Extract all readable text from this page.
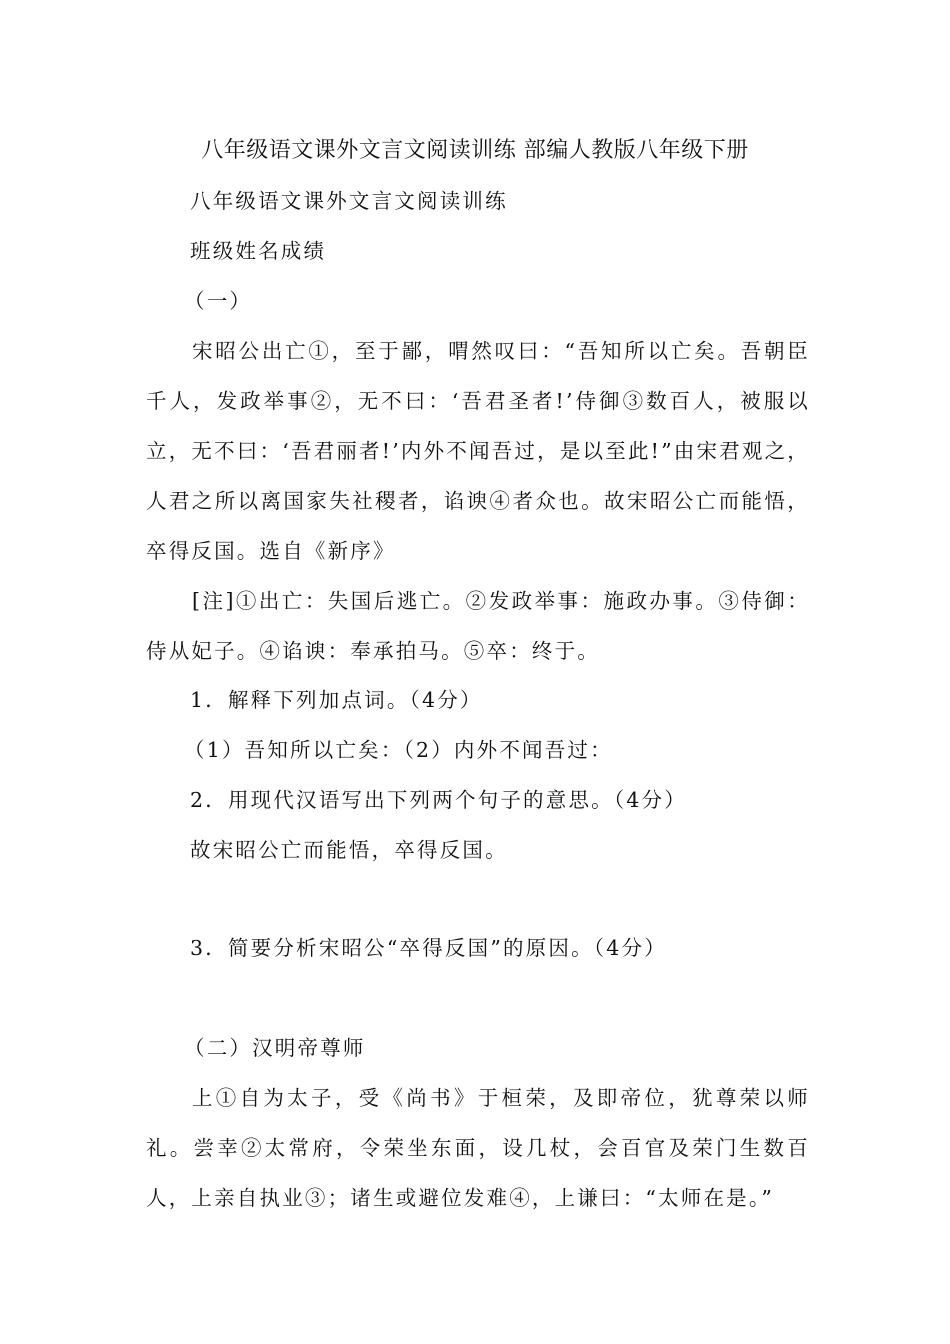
八年级语文课外文言文阅读训练 部编人教版八年级下册
八年级语文课外文言文阅读训练
班级姓名成绩
（一）
宋昭公出亡①，至于鄙，喟然叹曰：“吾知所以亡矣。吾朝臣千人，发政举事②，无不曰：‘吾君圣者!’侍御③数百人，被服以立，无不曰：‘吾君丽者!’内外不闻吾过，是以至此!”由宋君观之，人君之所以离国家失社稷者，谄谀④者众也。故宋昭公亡而能悟，卒得反国。选自《新序》
[注]①出亡：失国后逃亡。②发政举事：施政办事。③侍御：侍从妃子。④谄谀：奉承拍马。⑤卒：终于。
1．解释下列加点词。（4分）
（1）吾知所以亡矣：（2）内外不闻吾过：
2．用现代汉语写出下列两个句子的意思。（4分）
故宋昭公亡而能悟，卒得反国。
3．简要分析宋昭公“卒得反国”的原因。（4分）
（二）汉明帝尊师
上①自为太子，受《尚书》于桓荣，及即帝位，犹尊荣以师礼。尝幸②太常府，令荣坐东面，设几杖，会百官及荣门生数百人，上亲自执业③；诸生或避位发难④，上谦曰：“太师在是。”
